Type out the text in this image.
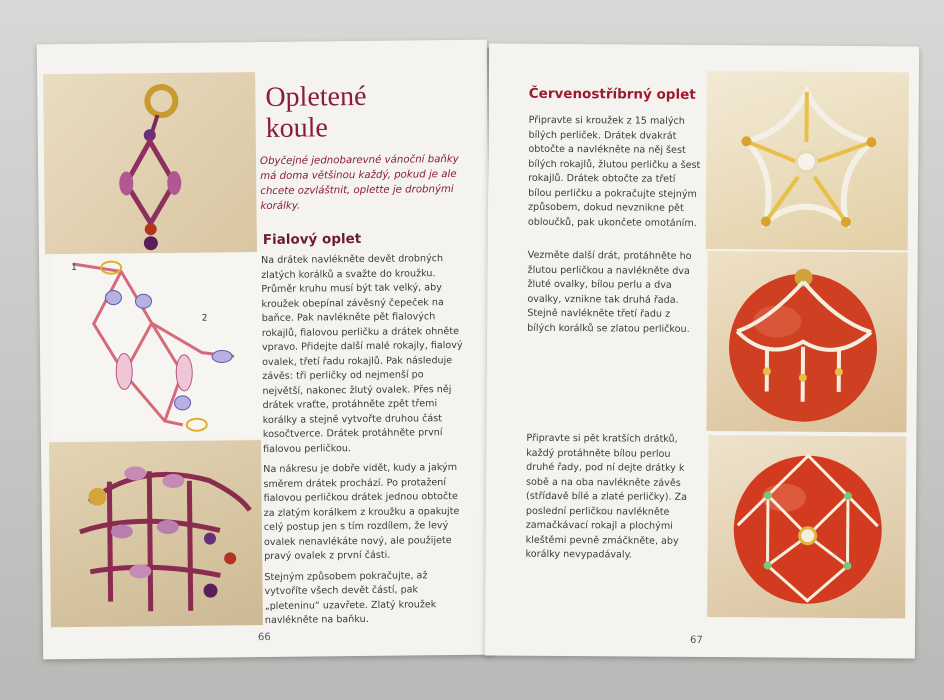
1
2
Opletené
koule
Obyčejné jednobarevné vánoční baňky má doma většinou každý, pokud je ale chcete ozvláštnit, oplette je drobnými korálky.
Fialový oplet

Na drátek navlékněte devět drobných zlatých korálků a svažte do kroužku. Průměr kruhu musí být tak velký, aby kroužek obepínal závěsný čepeček na baňce. Pak navlékněte pět fialových rokajlů, fialovou perličku a drátek ohněte vpravo. Přidejte další malé rokajly, fialový ovalek, třetí řadu rokajlů. Pak následuje závěs: tři perličky od nejmenší po největší, nakonec žlutý ovalek. Přes něj drátek vraťte, protáhněte zpět třemi korálky a stejně vytvořte druhou část kosočtverce. Drátek protáhněte první fialovou perličkou.

Na nákresu je dobře vidět, kudy a jakým směrem drátek prochází. Po protažení fialovou perličkou drátek jednou obtočte za zlatým korálkem z kroužku a opakujte celý postup jen s tím rozdílem, že levý ovalek nenavlékáte nový, ale použijete pravý ovalek z první části.

Stejným způsobem pokračujte, až vytvoříte všech devět částí, pak „pleteninu“ uzavřete. Zlatý kroužek navlékněte na baňku.

66
Červenostříbrný oplet
Připravte si kroužek z 15 malých bílých perliček. Drátek dvakrát obtočte a navlékněte na něj šest bílých rokajlů, žlutou perličku a šest rokajlů. Drátek obtočte za třetí bílou perličku a pokračujte stejným způsobem, dokud nevznikne pět obloučků, pak ukončete omotáním.
Vezměte další drát, protáhněte ho žlutou perličkou a navlékněte dva žluté ovalky, bílou perlu a dva ovalky, vznikne tak druhá řada. Stejně navlékněte třetí řadu z bílých korálků se zlatou perličkou.
Připravte si pět kratších drátků, každý protáhněte bílou perlou druhé řady, pod ní dejte drátky k sobě a na oba navlékněte závěs (střídavě bílé a zlaté perličky). Za poslední perličkou navlékněte zamačkávací rokajl a plochými kleštěmi pevně zmáčkněte, aby korálky nevypadávaly.
67
